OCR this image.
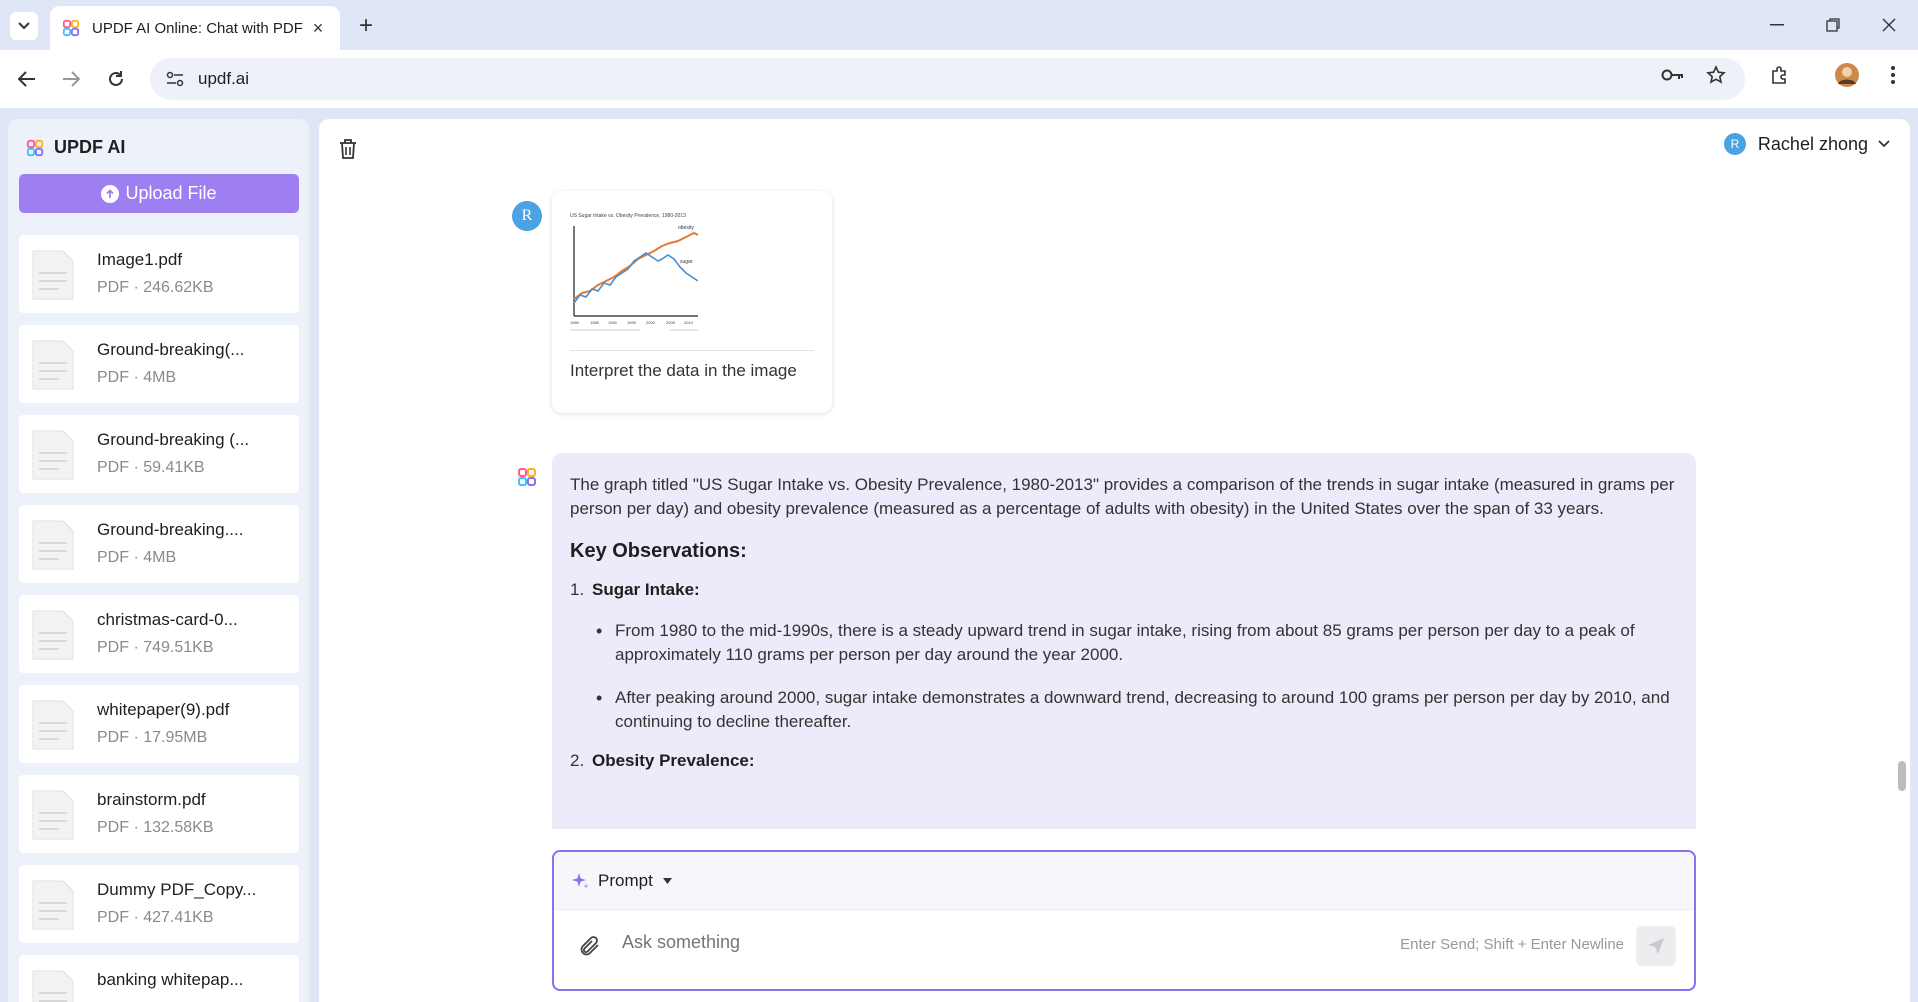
UPDF AI Online: Chat with PDF × +
updf.ai
UPDF AI
Upload File
Image1.pdf
PDF · 246.62KB
Ground-breaking(...
PDF · 4MB
Ground-breaking (...
PDF · 59.41KB
Ground-breaking....
PDF · 4MB
christmas-card-0...
PDF · 749.51KB
whitepaper(9).pdf
PDF · 17.95MB
brainstorm.pdf
PDF · 132.58KB
Dummy PDF_Copy...
PDF · 427.41KB
banking whitepap...
R	Rachel zhong
R	US Sugar Intake vs. Obesity Prevalence, 1980-2013
obesity
sugar
1980	1985 1990	1995	2000	2005 2010
Interpret the data in the image

The graph titled "US Sugar Intake vs. Obesity Prevalence, 1980-2013" provides a comparison of the trends in sugar intake (measured in grams per person per day) and obesity prevalence (measured as a percentage of adults with obesity) in the United States over the span of 33 years.

Key Observations:
1. Sugar Intake:
• From 1980 to the mid-1990s, there is a steady upward trend in sugar intake, rising from about 85 grams per person per day to a peak of approximately 110 grams per person per day around the year 2000.
• After peaking around 2000, sugar intake demonstrates a downward trend, decreasing to around 100 grams per person per day by 2010, and continuing to decline thereafter.
2. Obesity Prevalence:
Prompt
Ask something
Enter Send; Shift + Enter Newline
